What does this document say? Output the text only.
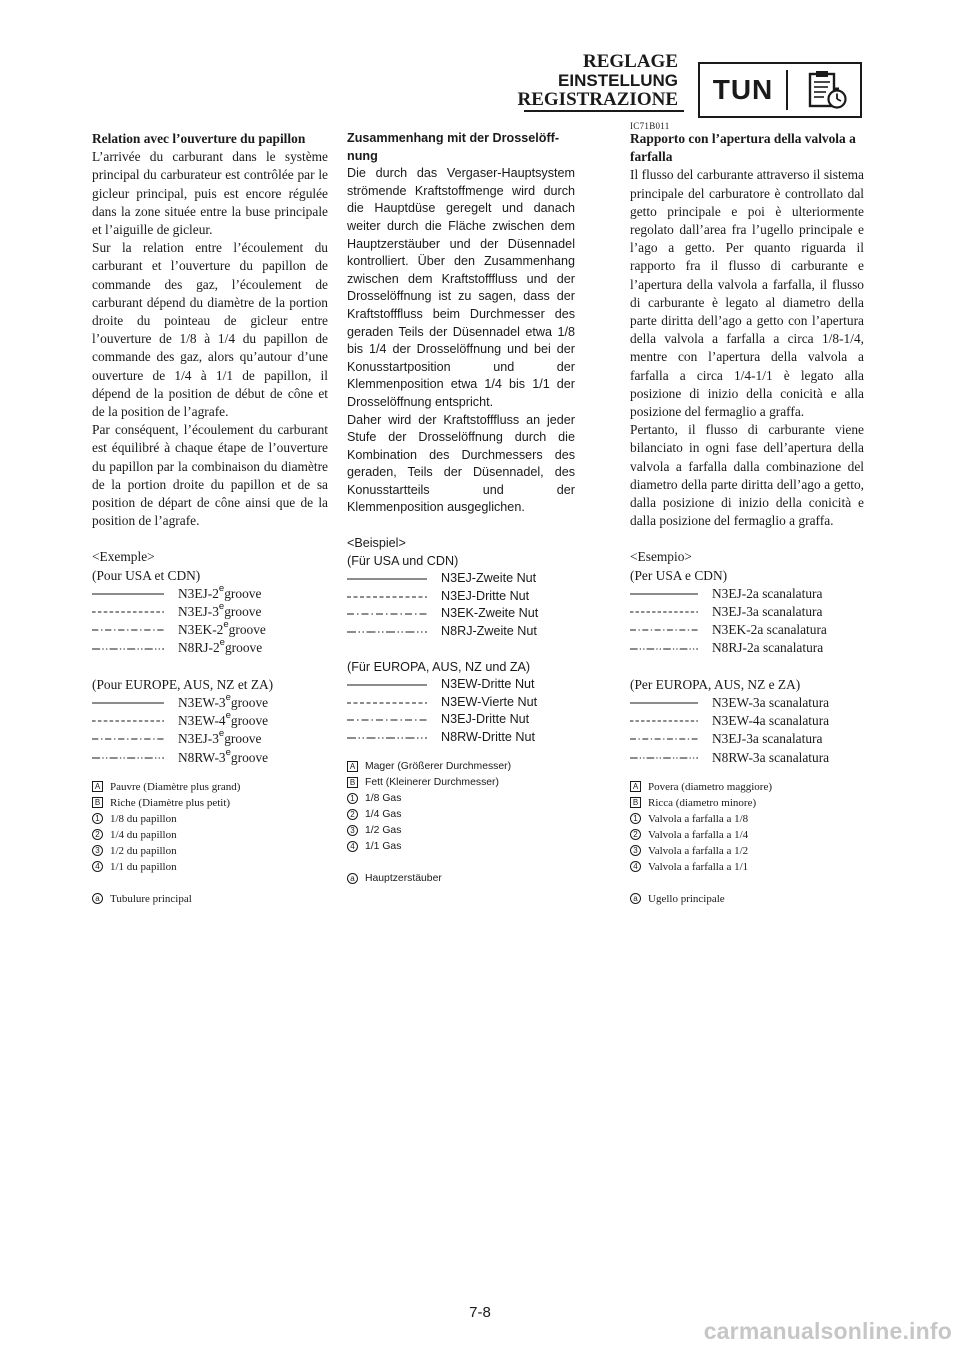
REGLAGE
EINSTELLUNG
REGISTRAZIONE	TUN
IC71B011
Relation avec l’ouverture du papillon

L’arrivée du carburant dans le système principal du carburateur est contrôlée par le gicleur principal, puis est encore régulée dans la zone située entre la buse principale et l’aiguille de gicleur.

Sur la relation entre l’écoulement du carburant et l’ouverture du papillon de commande des gaz, l’écoulement de carburant dépend du diamètre de la portion droite du pointeau de gicleur entre l’ouverture de 1/8 à 1/4 du papillon de commande des gaz, alors qu’autour d’une ouverture de 1/4 à 1/1 de papillon, il dépend de la position de début de cône et de la position de l’agrafe.

Par conséquent, l’écoulement du carburant est équilibré à chaque étape de l’ouverture du papillon par la combinaison du diamètre de la portion droite du papillon et de sa position de départ de cône ainsi que de la position de l’agrafe.

<Exemple>
(Pour USA et CDN)
N3EJ-2 e groove
N3EJ-3 e groove
N3EK-2 e groove
N8RJ-2 e groove
(Pour EUROPE, AUS, NZ et ZA)
N3EW-3 e groove
N3EW-4 e groove
N3EJ-3 e groove
N8RW-3 e groove
A Pauvre (Diamètre plus grand)
B Riche (Diamètre plus petit)
1 1/8 du papillon
2 1/4 du papillon
3 1/2 du papillon
4 1/1 du papillon
a Tubulure principal
Zusammenhang mit der Drosselöff-nung

Die durch das Vergaser-Hauptsystem strömende Kraftstoffmenge wird durch die Hauptdüse geregelt und danach weiter durch die Fläche zwischen dem Hauptzerstäuber und der Düsennadel kontrolliert. Über den Zusammenhang zwischen dem Kraftstofffluss und der Drosselöffnung ist zu sagen, dass der Kraftstofffluss beim Durchmesser des geraden Teils der Düsennadel etwa 1/8 bis 1/4 der Drosselöffnung und bei der Konusstartposition und der Klemmenposition etwa 1/4 bis 1/1 der Drosselöffnung entspricht.

Daher wird der Kraftstofffluss an jeder Stufe der Drosselöffnung durch die Kombination des Durchmessers des geraden, Teils der Düsennadel, des Konusstartteils und der Klemmenposition ausgeglichen.

<Beispiel>
(Für USA und CDN)
N3EJ-Zweite Nut
N3EJ-Dritte Nut
N3EK-Zweite Nut
N8RJ-Zweite Nut
(Für EUROPA, AUS, NZ und ZA)
N3EW-Dritte Nut
N3EW-Vierte Nut
N3EJ-Dritte Nut
N8RW-Dritte Nut
A Mager (Größerer Durchmesser)
B Fett (Kleinerer Durchmesser)
1 1/8 Gas
2 1/4 Gas
3 1/2 Gas
4 1/1 Gas
a Hauptzerstäuber
Rapporto con l’apertura della valvola a farfalla

Il flusso del carburante attraverso il sistema principale del carburatore è controllato dal getto principale e poi è ulteriormente regolato dall’area fra l’ugello principale e l’ago a getto. Per quanto riguarda il rapporto fra il flusso di carburante e l’apertura della valvola a farfalla, il flusso di carburante è legato al diametro della parte diritta dell’ago a getto con l’apertura della valvola a farfalla a circa 1/8-1/4, mentre con l’apertura della valvola a farfalla a circa 1/4-1/1 è legato alla posizione di inizio della conicità e alla posizione del fermaglio a graffa.

Pertanto, il flusso di carburante viene bilanciato in ogni fase dell’apertura della valvola a farfalla dalla combinazione del diametro della parte diritta dell’ago a getto, dalla posizione di inizio della conicità e dalla posizione del fermaglio a graffa.

<Esempio>
(Per USA e CDN)
N3EJ-2a scanalatura
N3EJ-3a scanalatura
N3EK-2a scanalatura
N8RJ-2a scanalatura
(Per EUROPA, AUS, NZ e ZA)
N3EW-3a scanalatura
N3EW-4a scanalatura
N3EJ-3a scanalatura
N8RW-3a scanalatura
A Povera (diametro maggiore)
B Ricca (diametro minore)
1 Valvola a farfalla a 1/8
2 Valvola a farfalla a 1/4
3 Valvola a farfalla a 1/2
4 Valvola a farfalla a 1/1
a Ugello principale
7-8
carmanualsonline.info
